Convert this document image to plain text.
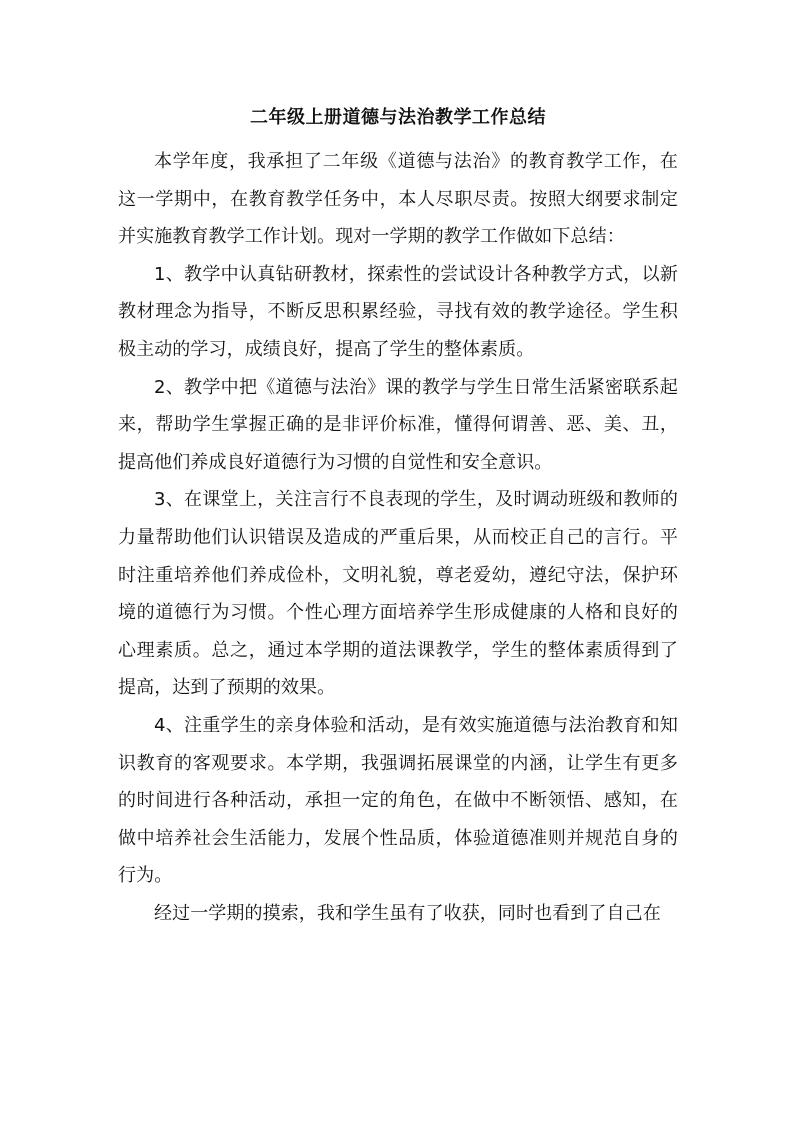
二年级上册道德与法治教学工作总结

本学年度，我承担了二年级《道德与法治》的教育教学工作，在这一学期中，在教育教学任务中，本人尽职尽责。按照大纲要求制定并实施教育教学工作计划。现对一学期的教学工作做如下总结：

1、教学中认真钻研教材，探索性的尝试设计各种教学方式，以新教材理念为指导，不断反思积累经验，寻找有效的教学途径。学生积极主动的学习，成绩良好，提高了学生的整体素质。

2、教学中把《道德与法治》课的教学与学生日常生活紧密联系起来，帮助学生掌握正确的是非评价标准，懂得何谓善、恶、美、丑，提高他们养成良好道德行为习惯的自觉性和安全意识。

3、在课堂上，关注言行不良表现的学生，及时调动班级和教师的力量帮助他们认识错误及造成的严重后果，从而校正自己的言行。平时注重培养他们养成俭朴，文明礼貌，尊老爱幼，遵纪守法，保护环境的道德行为习惯。个性心理方面培养学生形成健康的人格和良好的心理素质。总之，通过本学期的道法课教学，学生的整体素质得到了提高，达到了预期的效果。

4、注重学生的亲身体验和活动，是有效实施道德与法治教育和知识教育的客观要求。本学期，我强调拓展课堂的内涵，让学生有更多的时间进行各种活动，承担一定的角色，在做中不断领悟、感知，在做中培养社会生活能力，发展个性品质，体验道德准则并规范自身的行为。

经过一学期的摸索，我和学生虽有了收获，同时也看到了自己在
